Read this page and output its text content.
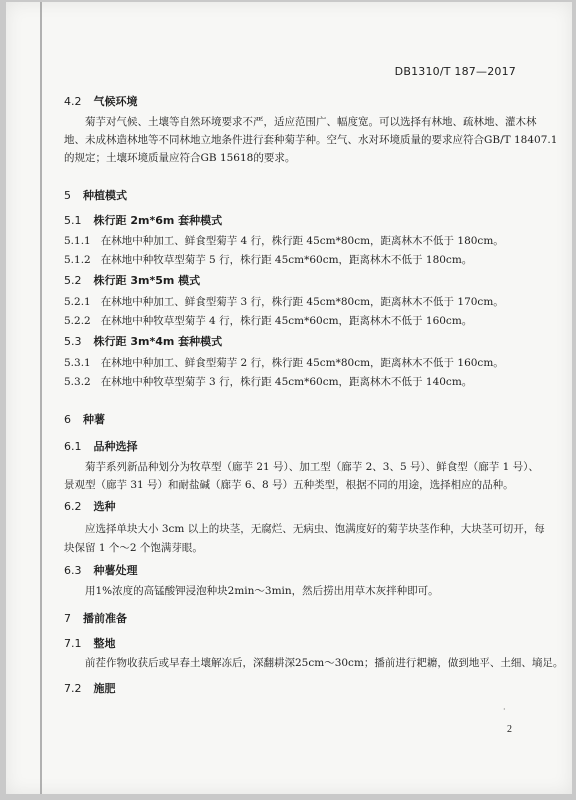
DB1310/T 187—2017
4.2 气候环境
菊芋对气候、土壤等自然环境要求不严，适应范围广、幅度宽。可以选择有林地、疏林地、灌木林
地、未成林造林地等不同林地立地条件进行套种菊芋种。空气、水对环境质量的要求应符合GB/T 18407.1
的规定；土壤环境质量应符合GB 15618的要求。
5 种植模式
5.1 株行距 2m*6m 套种模式
5.1.1 在林地中种加工、鲜食型菊芋 4 行，株行距 45cm*80cm，距离林木不低于 180cm。
5.1.2 在林地中种牧草型菊芋 5 行，株行距 45cm*60cm，距离林木不低于 180cm。
5.2 株行距 3m*5m 模式
5.2.1 在林地中种加工、鲜食型菊芋 3 行，株行距 45cm*80cm，距离林木不低于 170cm。
5.2.2 在林地中种牧草型菊芋 4 行，株行距 45cm*60cm，距离林木不低于 160cm。
5.3 株行距 3m*4m 套种模式
5.3.1 在林地中种加工、鲜食型菊芋 2 行，株行距 45cm*80cm，距离林木不低于 160cm。
5.3.2 在林地中种牧草型菊芋 3 行，株行距 45cm*60cm，距离林木不低于 140cm。
6 种薯
6.1 品种选择
菊芋系列新品种划分为牧草型（廊芋 21 号）、加工型（廊芋 2、3、5 号）、鲜食型（廊芋 1 号）、
景观型（廊芋 31 号）和耐盐碱（廊芋 6、8 号）五种类型，根据不同的用途，选择相应的品种。
6.2 选种
应选择单块大小 3cm 以上的块茎，无腐烂、无病虫、饱满度好的菊芋块茎作种，大块茎可切开，每
块保留 1 个～2 个饱满芽眼。
6.3 种薯处理
用1%浓度的高锰酸钾浸泡种块2min～3min，然后捞出用草木灰拌种即可。
7 播前准备
7.1 整地
前茬作物收获后或早春土壤解冻后，深翻耕深25cm～30cm；播前进行耙耱，做到地平、土细、墒足。
7.2 施肥
·
2
